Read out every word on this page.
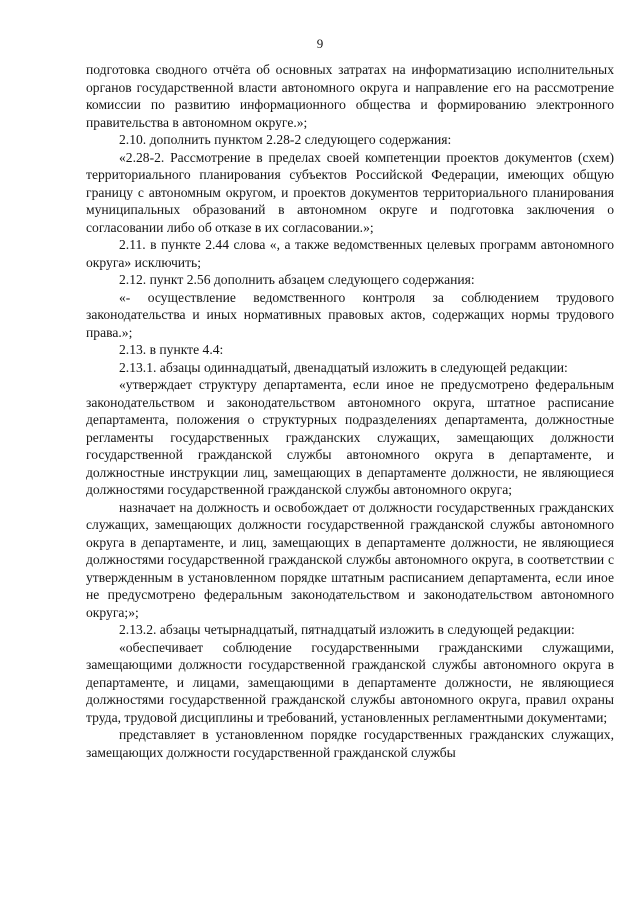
9

подготовка сводного отчёта об основных затратах на информатизацию исполнительных органов государственной власти автономного округа и направление его на рассмотрение комиссии по развитию информационного общества и формированию электронного правительства в автономном округе.»;

2.10. дополнить пунктом 2.28-2 следующего содержания:

«2.28-2. Рассмотрение в пределах своей компетенции проектов документов (схем) территориального планирования субъектов Российской Федерации, имеющих общую границу с автономным округом, и проектов документов территориального планирования муниципальных образований в автономном округе и подготовка заключения о согласовании либо об отказе в их согласовании.»;

2.11. в пункте 2.44 слова «, а также ведомственных целевых программ автономного округа» исключить;

2.12. пункт 2.56 дополнить абзацем следующего содержания:

«- осуществление ведомственного контроля за соблюдением трудового законодательства и иных нормативных правовых актов, содержащих нормы трудового права.»;

2.13. в пункте 4.4:

2.13.1. абзацы одиннадцатый, двенадцатый изложить в следующей редакции:

«утверждает структуру департамента, если иное не предусмотрено федеральным законодательством и законодательством автономного округа, штатное расписание департамента, положения о структурных подразделениях департамента, должностные регламенты государственных гражданских служащих, замещающих должности государственной гражданской службы автономного округа в департаменте, и должностные инструкции лиц, замещающих в департаменте должности, не являющиеся должностями государственной гражданской службы автономного округа;

назначает на должность и освобождает от должности государственных гражданских служащих, замещающих должности государственной гражданской службы автономного округа в департаменте, и лиц, замещающих в департаменте должности, не являющиеся должностями государственной гражданской службы автономного округа, в соответствии с утвержденным в установленном порядке штатным расписанием департамента, если иное не предусмотрено федеральным законодательством и законодательством автономного округа;»;

2.13.2. абзацы четырнадцатый, пятнадцатый изложить в следующей редакции:

«обеспечивает соблюдение государственными гражданскими служащими, замещающими должности государственной гражданской службы автономного округа в департаменте, и лицами, замещающими в департаменте должности, не являющиеся должностями государственной гражданской службы автономного округа, правил охраны труда, трудовой дисциплины и требований, установленных регламентными документами;

представляет в установленном порядке государственных гражданских служащих, замещающих должности государственной гражданской службы
